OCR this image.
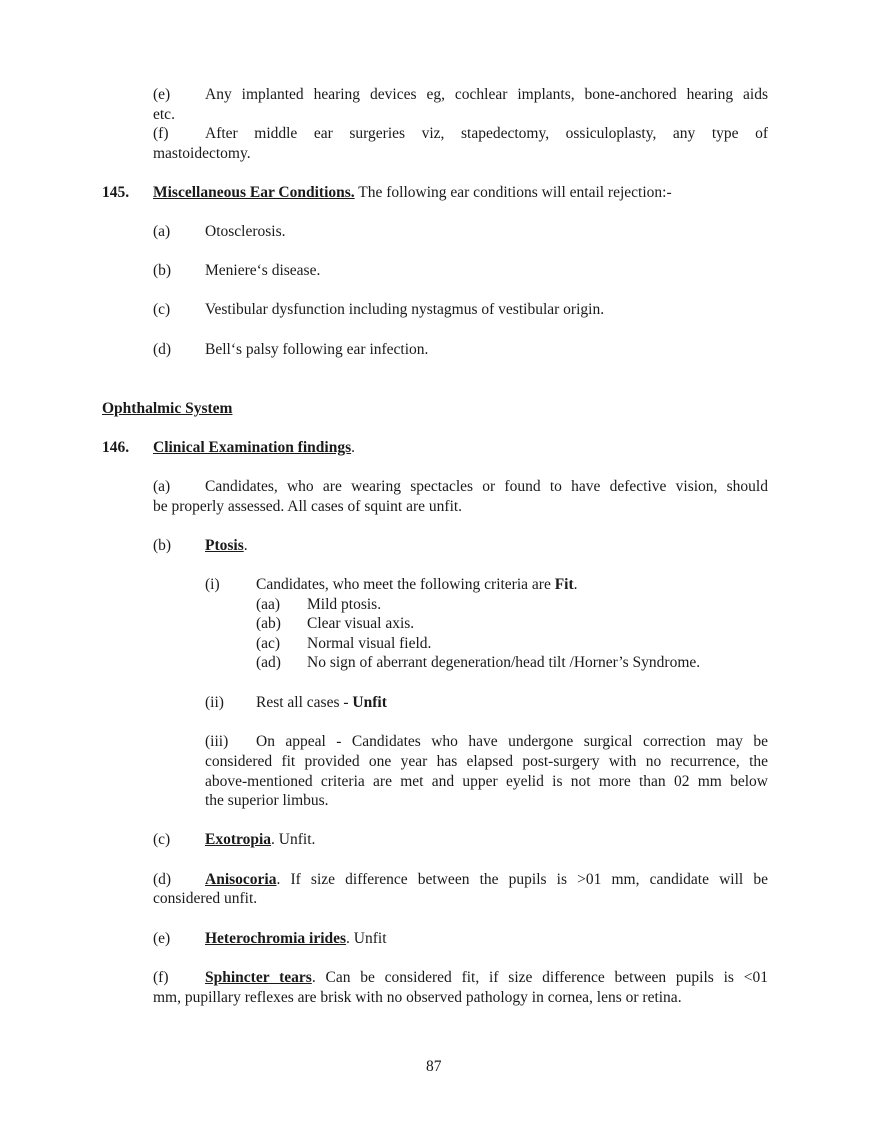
(e) Any implanted hearing devices eg, cochlear implants, bone-anchored hearing aids
etc.
(f) After middle ear surgeries viz, stapedectomy, ossiculoplasty, any type of
mastoidectomy.
145. Miscellaneous Ear Conditions. The following ear conditions will entail rejection:-
(a) Otosclerosis.
(b) Meniere‘s disease.
(c) Vestibular dysfunction including nystagmus of vestibular origin.
(d) Bell‘s palsy following ear infection.
Ophthalmic System
146. Clinical Examination findings.
(a) Candidates, who are wearing spectacles or found to have defective vision, should
be properly assessed. All cases of squint are unfit.
(b) Ptosis.
(i) Candidates, who meet the following criteria are Fit.
(aa) Mild ptosis.
(ab) Clear visual axis.
(ac) Normal visual field.
(ad) No sign of aberrant degeneration/head tilt /Horner’s Syndrome.
(ii) Rest all cases - Unfit
(iii) On appeal - Candidates who have undergone surgical correction may be
considered fit provided one year has elapsed post-surgery with no recurrence, the
above-mentioned criteria are met and upper eyelid is not more than 02 mm below
the superior limbus.
(c) Exotropia. Unfit.
(d) Anisocoria. If size difference between the pupils is >01 mm, candidate will be
considered unfit.
(e) Heterochromia irides. Unfit
(f) Sphincter tears. Can be considered fit, if size difference between pupils is <01
mm, pupillary reflexes are brisk with no observed pathology in cornea, lens or retina.
87
